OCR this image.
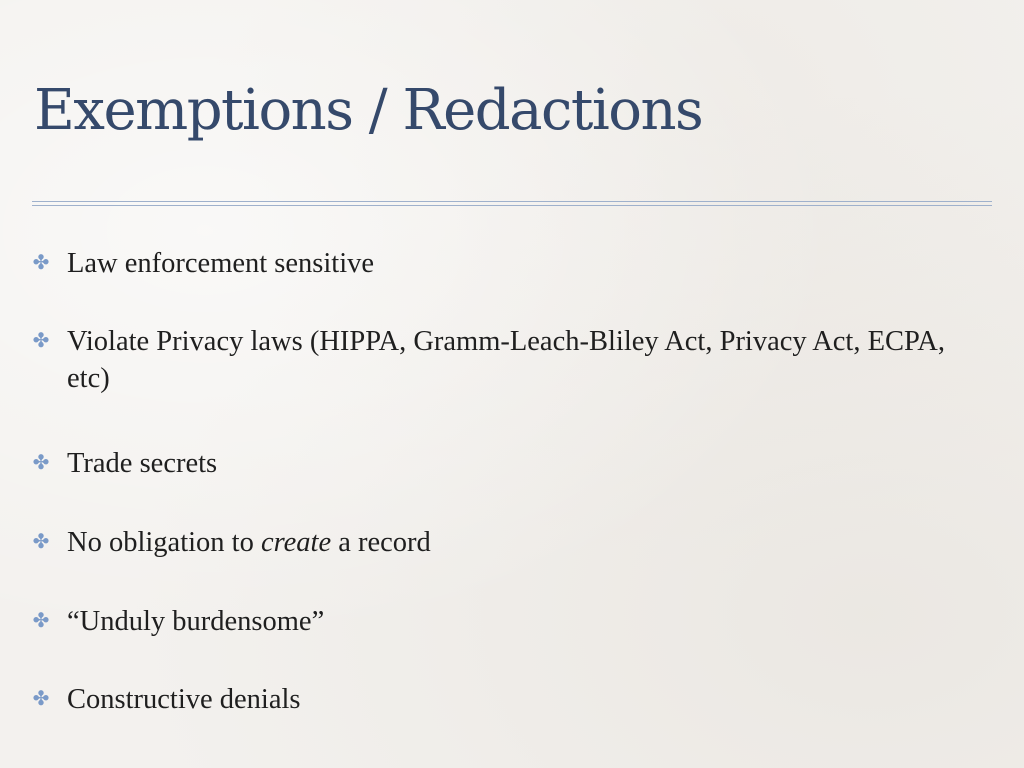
Exemptions / Redactions
✤ Law enforcement sensitive
✤ Violate Privacy laws (HIPPA, Gramm-Leach-Bliley Act, Privacy Act, ECPA, etc)
✤ Trade secrets
✤ No obligation to create a record
✤ “Unduly burdensome”
✤ Constructive denials
